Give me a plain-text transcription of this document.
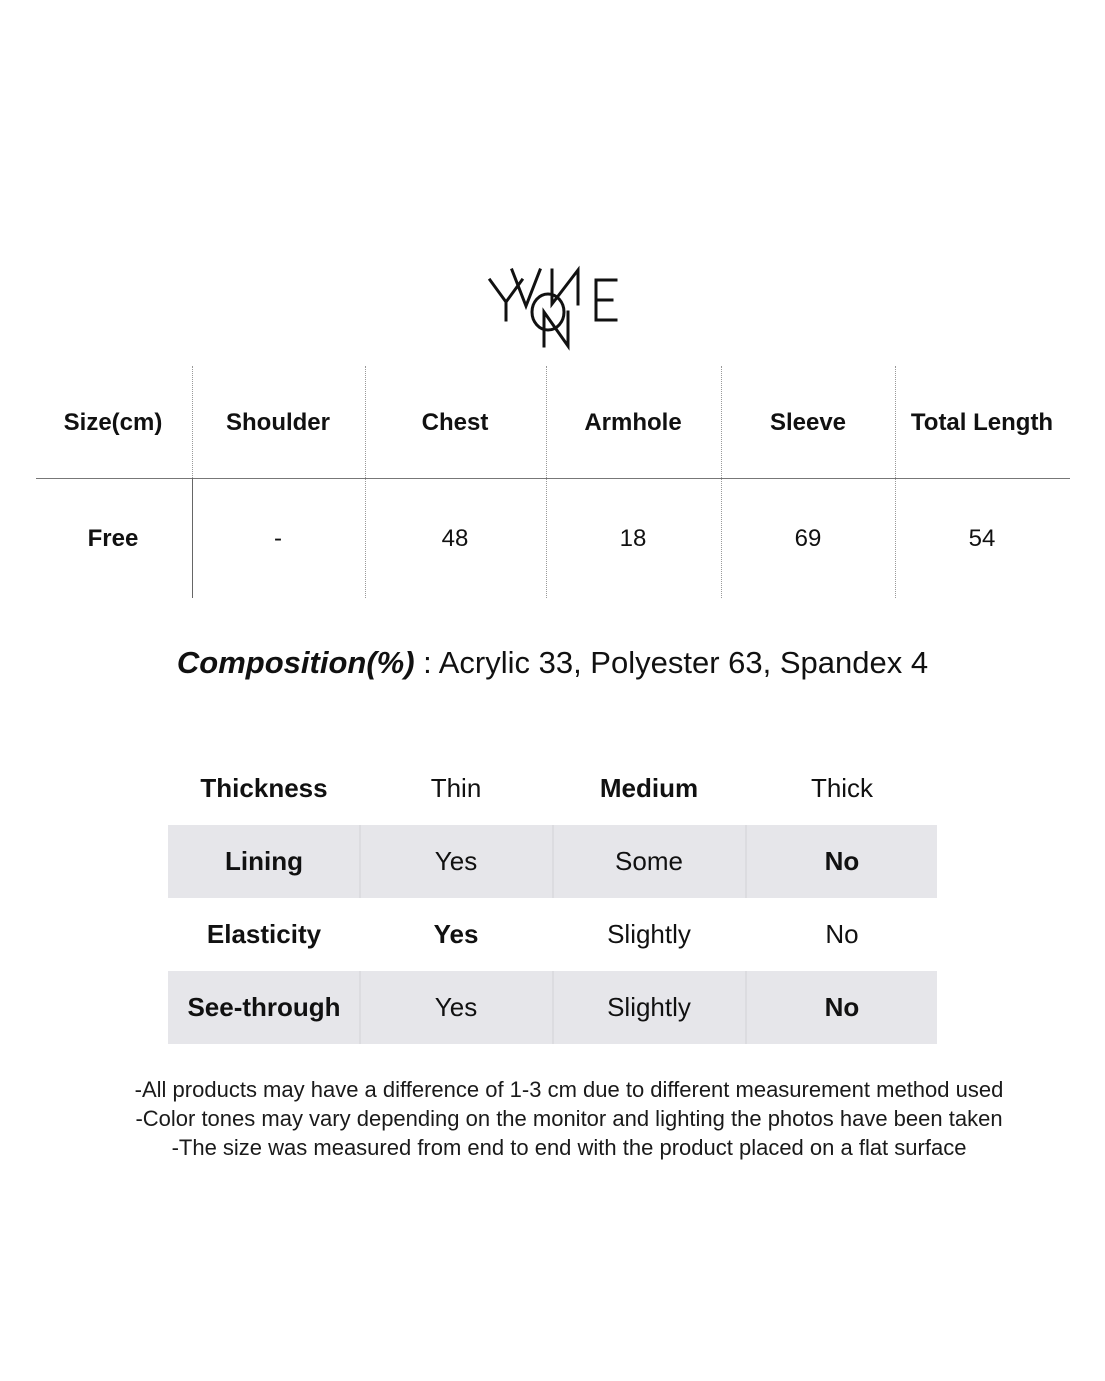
Size(cm)	Shoulder	Chest	Armhole	Sleeve	Total Length
Free	-	48	18	69	54
Composition(%) : Acrylic 33, Polyester 63, Spandex 4
Thickness	Thin	Medium	Thick
Lining	Yes	Some	No
Elasticity	Yes	Slightly	No
See-through	Yes	Slightly	No
-All products may have a difference of 1-3 cm due to different measurement method used
-Color tones may vary depending on the monitor and lighting the photos have been taken
-The size was measured from end to end with the product placed on a flat surface
